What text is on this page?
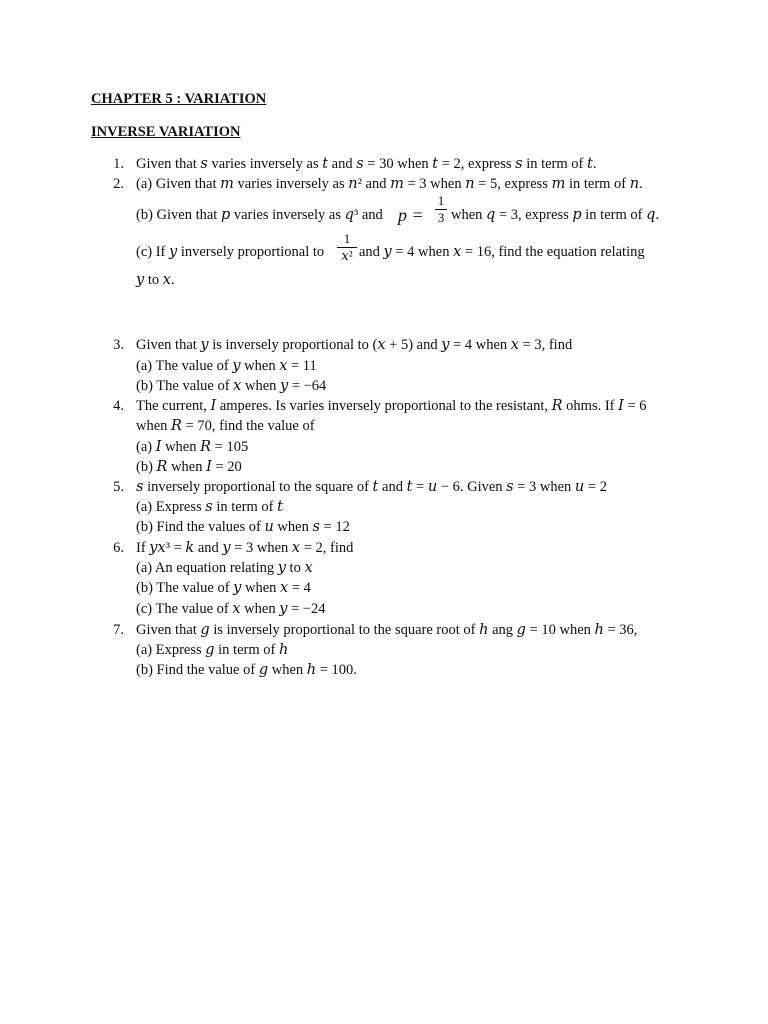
CHAPTER 5 : VARIATION
INVERSE VARIATION
1. Given that 𝑠 varies inversely as 𝑡 and 𝑠 = 30 when 𝑡 = 2, express 𝑠 in term of 𝑡.
2. (a) Given that 𝑚 varies inversely as 𝑛² and 𝑚 = 3 when 𝑛 = 5, express 𝑚 in term of 𝑛.
(b) Given that 𝑝 varies inversely as 𝑞³ and p =
1
3 when 𝑞 = 3, express 𝑝 in term of 𝑞.
(c) If 𝑦 inversely proportional to
1
𝑥² and 𝑦 = 4 when 𝑥 = 16, find the equation relating
𝑦 to 𝑥.
3. Given that 𝑦 is inversely proportional to (𝑥 + 5) and 𝑦 = 4 when 𝑥 = 3, find
(a) The value of 𝑦 when 𝑥 = 11
(b) The value of 𝑥 when 𝑦 = −64
4. The current, 𝐼 amperes. Is varies inversely proportional to the resistant, 𝑅 ohms. If 𝐼 = 6
when 𝑅 = 70, find the value of
(a) 𝐼 when 𝑅 = 105
(b) 𝑅 when 𝐼 = 20
5. 𝑠 inversely proportional to the square of 𝑡 and 𝑡 = 𝑢 − 6. Given 𝑠 = 3 when 𝑢 = 2
(a) Express 𝑠 in term of 𝑡
(b) Find the values of 𝑢 when 𝑠 = 12
6. If 𝑦𝑥³ = 𝑘 and 𝑦 = 3 when 𝑥 = 2, find
(a) An equation relating 𝑦 to 𝑥
(b) The value of 𝑦 when 𝑥 = 4
(c) The value of 𝑥 when 𝑦 = −24
7. Given that 𝑔 is inversely proportional to the square root of ℎ ang 𝑔 = 10 when ℎ = 36,
(a) Express 𝑔 in term of ℎ
(b) Find the value of 𝑔 when ℎ = 100.
